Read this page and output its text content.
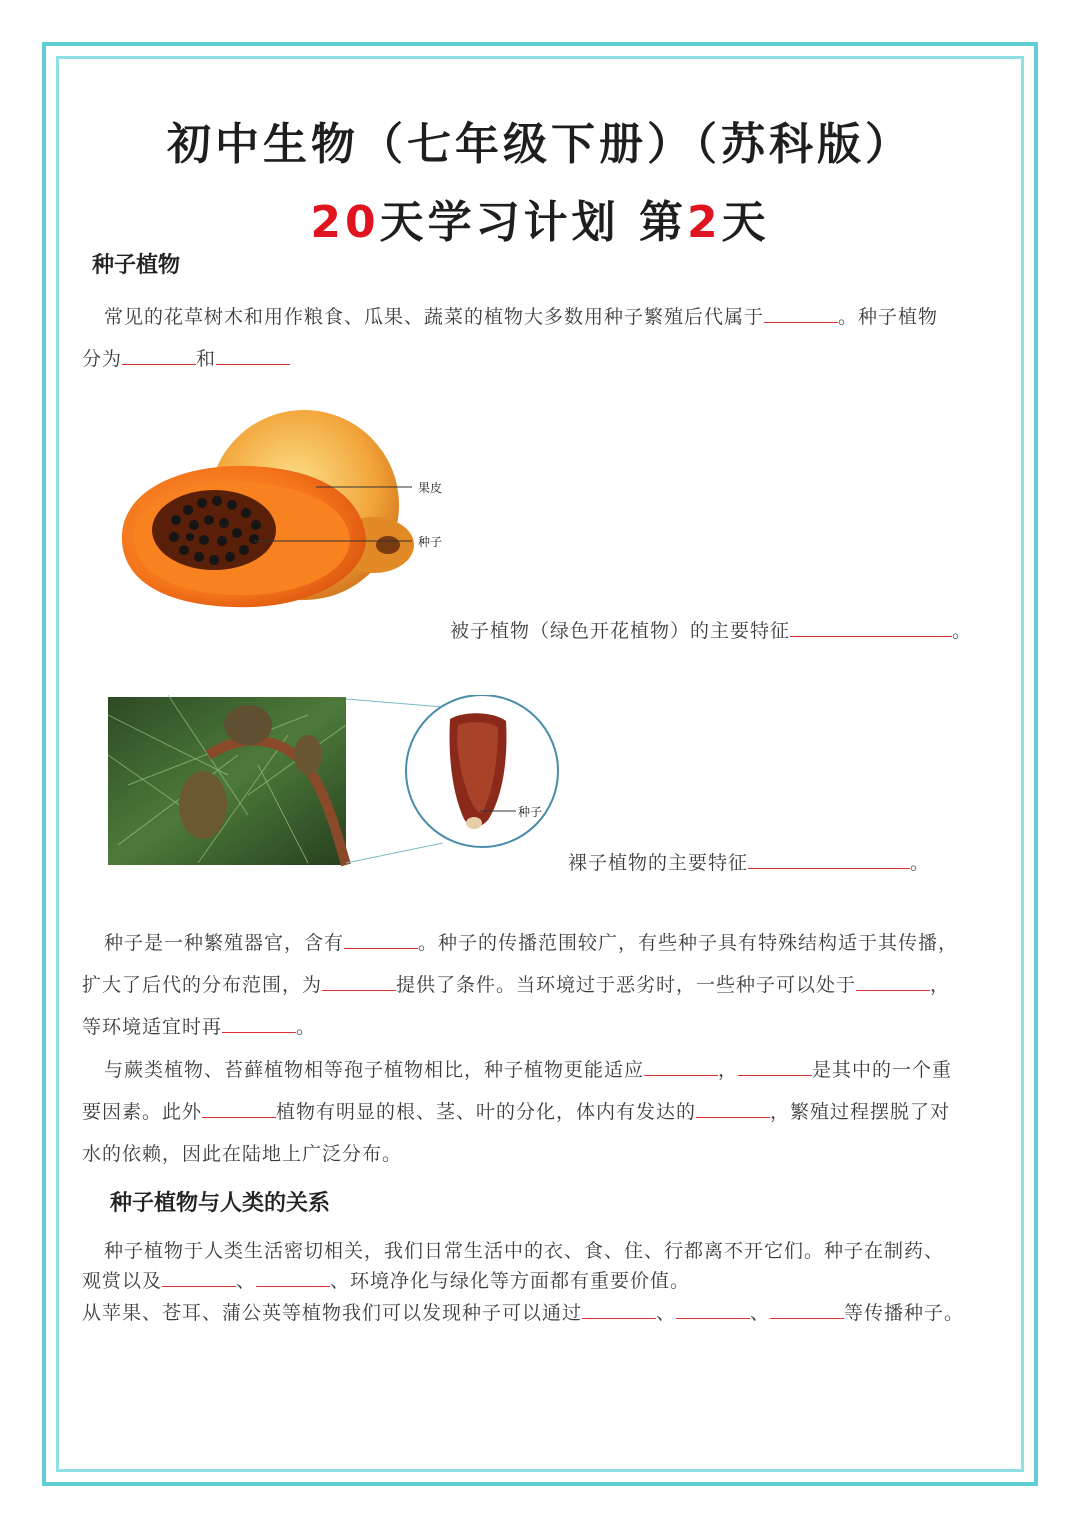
初中生物（七年级下册）（苏科版）
20天学习计划 第2天
种子植物
常见的花草树木和用作粮食、瓜果、蔬菜的植物大多数用种子繁殖后代属于	。种子植物
分为	和
果皮
种子
被子植物（绿色开花植物）的主要特征	。
种子
裸子植物的主要特征	。
种子是一种繁殖器官，含有	。种子的传播范围较广，有些种子具有特殊结构适于其传播，
扩大了后代的分布范围，为	提供了条件。当环境过于恶劣时，一些种子可以处于	，
等环境适宜时再	。
与蕨类植物、苔藓植物相等孢子植物相比，种子植物更能适应	，	是其中的一个重
要因素。此外	植物有明显的根、茎、叶的分化，体内有发达的	，繁殖过程摆脱了对
水的依赖，因此在陆地上广泛分布。
种子植物与人类的关系
种子植物于人类生活密切相关，我们日常生活中的衣、食、住、行都离不开它们。种子在制药、
观赏以及	、	、环境净化与绿化等方面都有重要价值。
从苹果、苍耳、蒲公英等植物我们可以发现种子可以通过	、	、	等传播种子。
